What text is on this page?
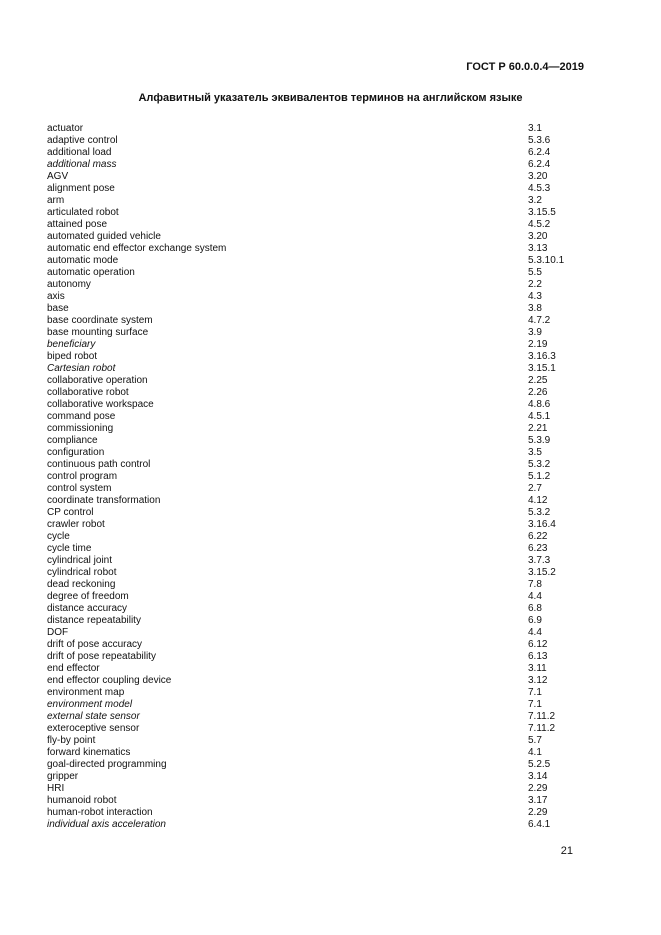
ГОСТ Р 60.0.0.4—2019

Алфавитный указатель эквивалентов терминов на английском языке
actuator	3.1
adaptive control	5.3.6
additional load	6.2.4
additional mass	6.2.4
AGV	3.20
alignment pose	4.5.3
arm	3.2
articulated robot	3.15.5
attained pose	4.5.2
automated guided vehicle	3.20
automatic end effector exchange system	3.13
automatic mode	5.3.10.1
automatic operation	5.5
autonomy	2.2
axis	4.3
base	3.8
base coordinate system	4.7.2
base mounting surface	3.9
beneficiary	2.19
biped robot	3.16.3
Cartesian robot	3.15.1
collaborative operation	2.25
collaborative robot	2.26
collaborative workspace	4.8.6
command pose	4.5.1
commissioning	2.21
compliance	5.3.9
configuration	3.5
continuous path control	5.3.2
control program	5.1.2
control system	2.7
coordinate transformation	4.12
CP control	5.3.2
crawler robot	3.16.4
cycle	6.22
cycle time	6.23
cylindrical joint	3.7.3
cylindrical robot	3.15.2
dead reckoning	7.8
degree of freedom	4.4
distance accuracy	6.8
distance repeatability	6.9
DOF	4.4
drift of pose accuracy	6.12
drift of pose repeatability	6.13
end effector	3.11
end effector coupling device	3.12
environment map	7.1
environment model	7.1
external state sensor	7.11.2
exteroceptive sensor	7.11.2
fly-by point	5.7
forward kinematics	4.1
goal-directed programming	5.2.5
gripper	3.14
HRI	2.29
humanoid robot	3.17
human-robot interaction	2.29
individual axis acceleration	6.4.1

21
